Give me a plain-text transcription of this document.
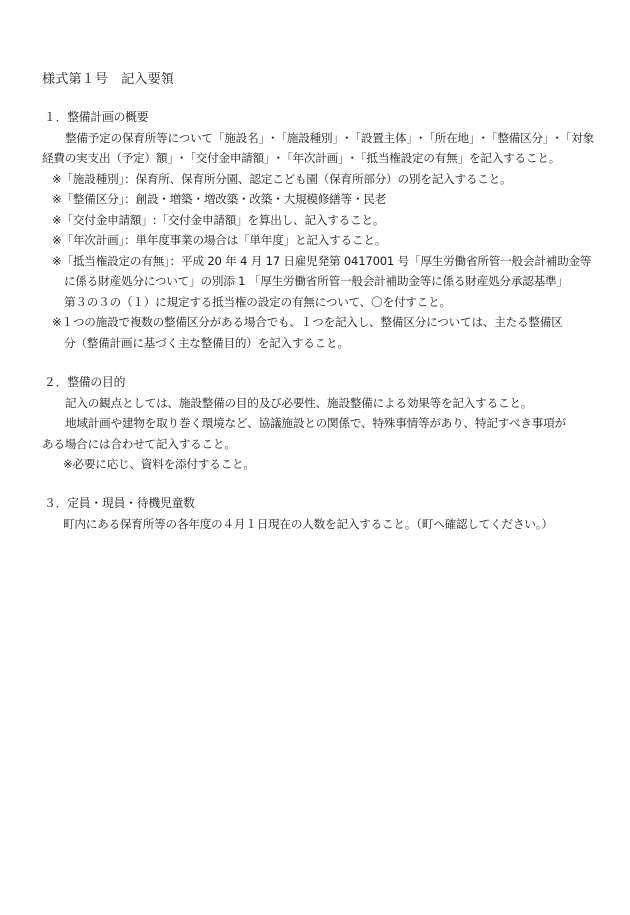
様式第１号　記入要領
１．整備計画の概要
整備予定の保育所等について「施設名」･「施設種別」･「設置主体」･「所在地」･「整備区分」･「対象
経費の実支出（予定）額」･「交付金申請額」･「年次計画」･「抵当権設定の有無」を記入すること。
※「施設種別」：保育所、保育所分園、認定こども園（保育所部分）の別を記入すること。
※「整備区分」：創設・増築・増改築・改築・大規模修繕等・民老
※「交付金申請額」:「交付金申請額」を算出し、記入すること。
※「年次計画」：単年度事業の場合は「単年度」と記入すること。
※「抵当権設定の有無」：平成 20 年 4 月 17 日雇児発第 0417001 号「厚生労働省所管一般会計補助金等
に係る財産処分について」の別添 1 「厚生労働省所管一般会計補助金等に係る財産処分承認基準」
第３の３の（１）に規定する抵当権の設定の有無について、〇を付すこと。
※１つの施設で複数の整備区分がある場合でも、１つを記入し、整備区分については、主たる整備区
分（整備計画に基づく主な整備目的）を記入すること。
２．整備の目的
記入の観点としては、施設整備の目的及び必要性、施設整備による効果等を記入すること。
地域計画や建物を取り巻く環境など、協議施設との関係で、特殊事情等があり、特記すべき事項が
ある場合には合わせて記入すること。
※必要に応じ、資料を添付すること。
３．定員・現員・待機児童数
町内にある保育所等の各年度の４月１日現在の人数を記入すること。（町へ確認してください。）
